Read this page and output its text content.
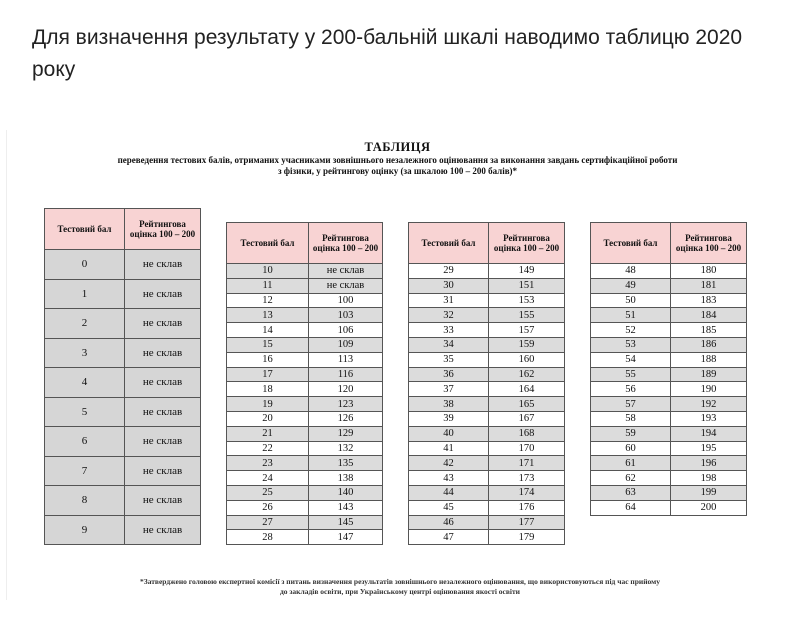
Для визначення результату у 200-бальній шкалі наводимо таблицю 2020 року
ТАБЛИЦЯ
переведення тестових балів, отриманих учасниками зовнішнього незалежного оцінювання за виконання завдань сертифікаційної роботи
з фізики, у рейтингову оцінку (за шкалою 100 – 200 балів)*
Тестовий бал	Рейтингова оцінка 100 – 200
0	не склав
1	не склав
2	не склав
3	не склав
4	не склав
5	не склав
6	не склав
7	не склав
8	не склав
9	не склав
Тестовий бал	Рейтингова оцінка 100 – 200
10	не склав
11	не склав
12	100
13	103
14	106
15	109
16	113
17	116
18	120
19	123
20	126
21	129
22	132
23	135
24	138
25	140
26	143
27	145
28	147
Тестовий бал	Рейтингова оцінка 100 – 200
29	149
30	151
31	153
32	155
33	157
34	159
35	160
36	162
37	164
38	165
39	167
40	168
41	170
42	171
43	173
44	174
45	176
46	177
47	179
Тестовий бал	Рейтингова оцінка 100 – 200
48	180
49	181
50	183
51	184
52	185
53	186
54	188
55	189
56	190
57	192
58	193
59	194
60	195
61	196
62	198
63	199
64	200
*Затверджено головою експертної комісії з питань визначення результатів зовнішнього незалежного оцінювання, що використовуються під час прийому
до закладів освіти, при Українському центрі оцінювання якості освіти
